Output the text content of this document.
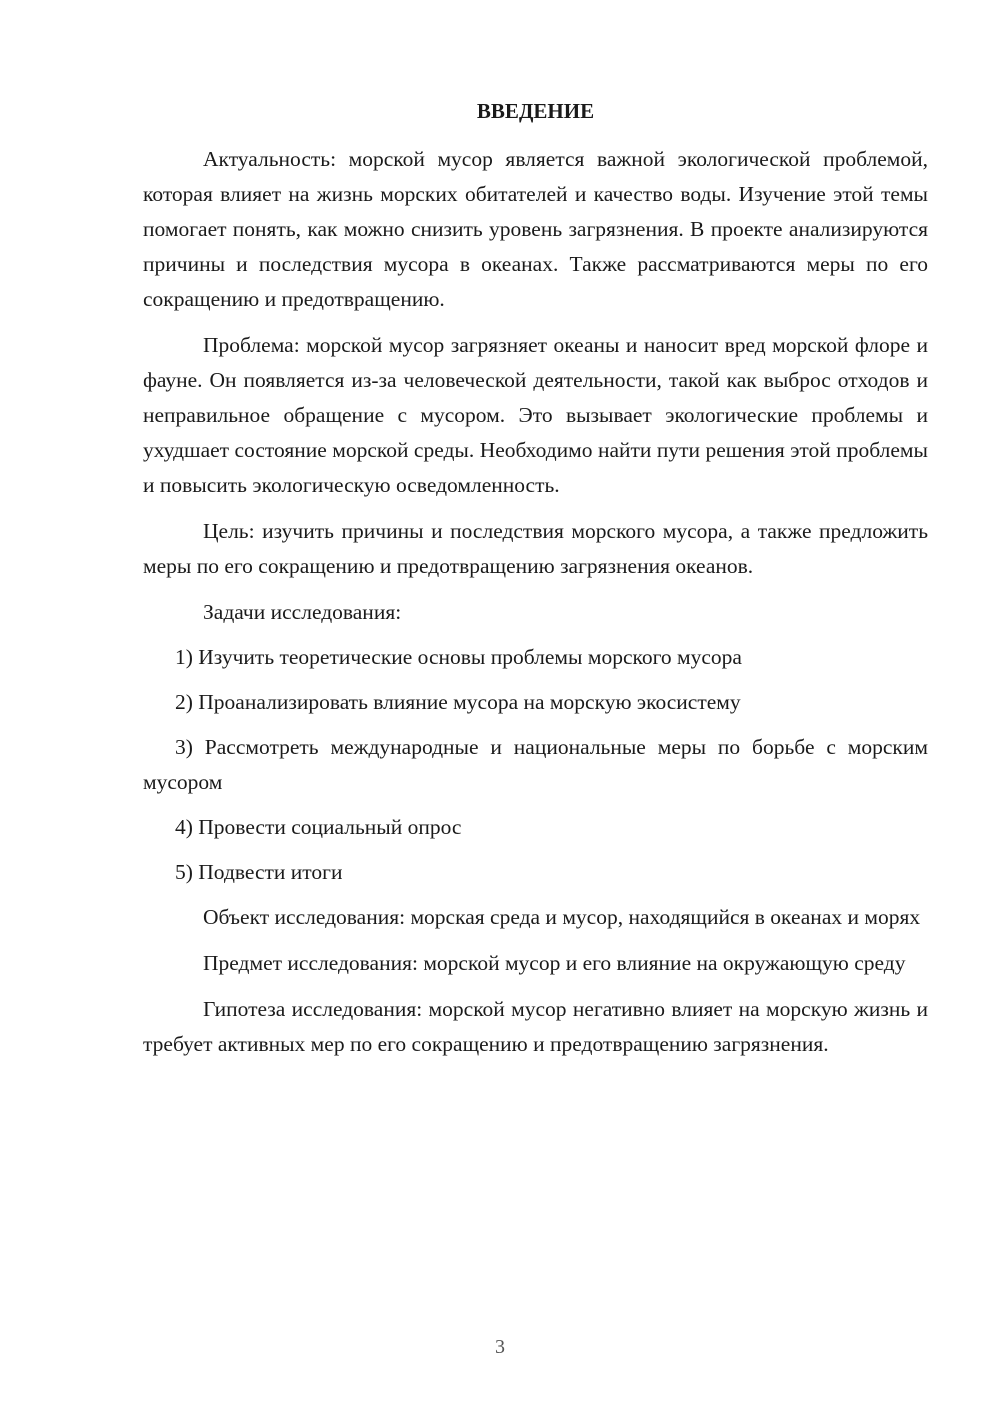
ВВЕДЕНИЕ

Актуальность: морской мусор является важной экологической проблемой, которая влияет на жизнь морских обитателей и качество воды. Изучение этой темы помогает понять, как можно снизить уровень загрязнения. В проекте анализируются причины и последствия мусора в океанах. Также рассматриваются меры по его сокращению и предотвращению.

Проблема: морской мусор загрязняет океаны и наносит вред морской флоре и фауне. Он появляется из-за человеческой деятельности, такой как выброс отходов и неправильное обращение с мусором. Это вызывает экологические проблемы и ухудшает состояние морской среды. Необходимо найти пути решения этой проблемы и повысить экологическую осведомленность.

Цель: изучить причины и последствия морского мусора, а также предложить меры по его сокращению и предотвращению загрязнения океанов.

Задачи исследования:

1) Изучить теоретические основы проблемы морского мусора

2) Проанализировать влияние мусора на морскую экосистему

3) Рассмотреть международные и национальные меры по борьбе с морским мусором

4) Провести социальный опрос

5) Подвести итоги

Объект исследования: морская среда и мусор, находящийся в океанах и морях

Предмет исследования: морской мусор и его влияние на окружающую среду

Гипотеза исследования: морской мусор негативно влияет на морскую жизнь и требует активных мер по его сокращению и предотвращению загрязнения.

3
